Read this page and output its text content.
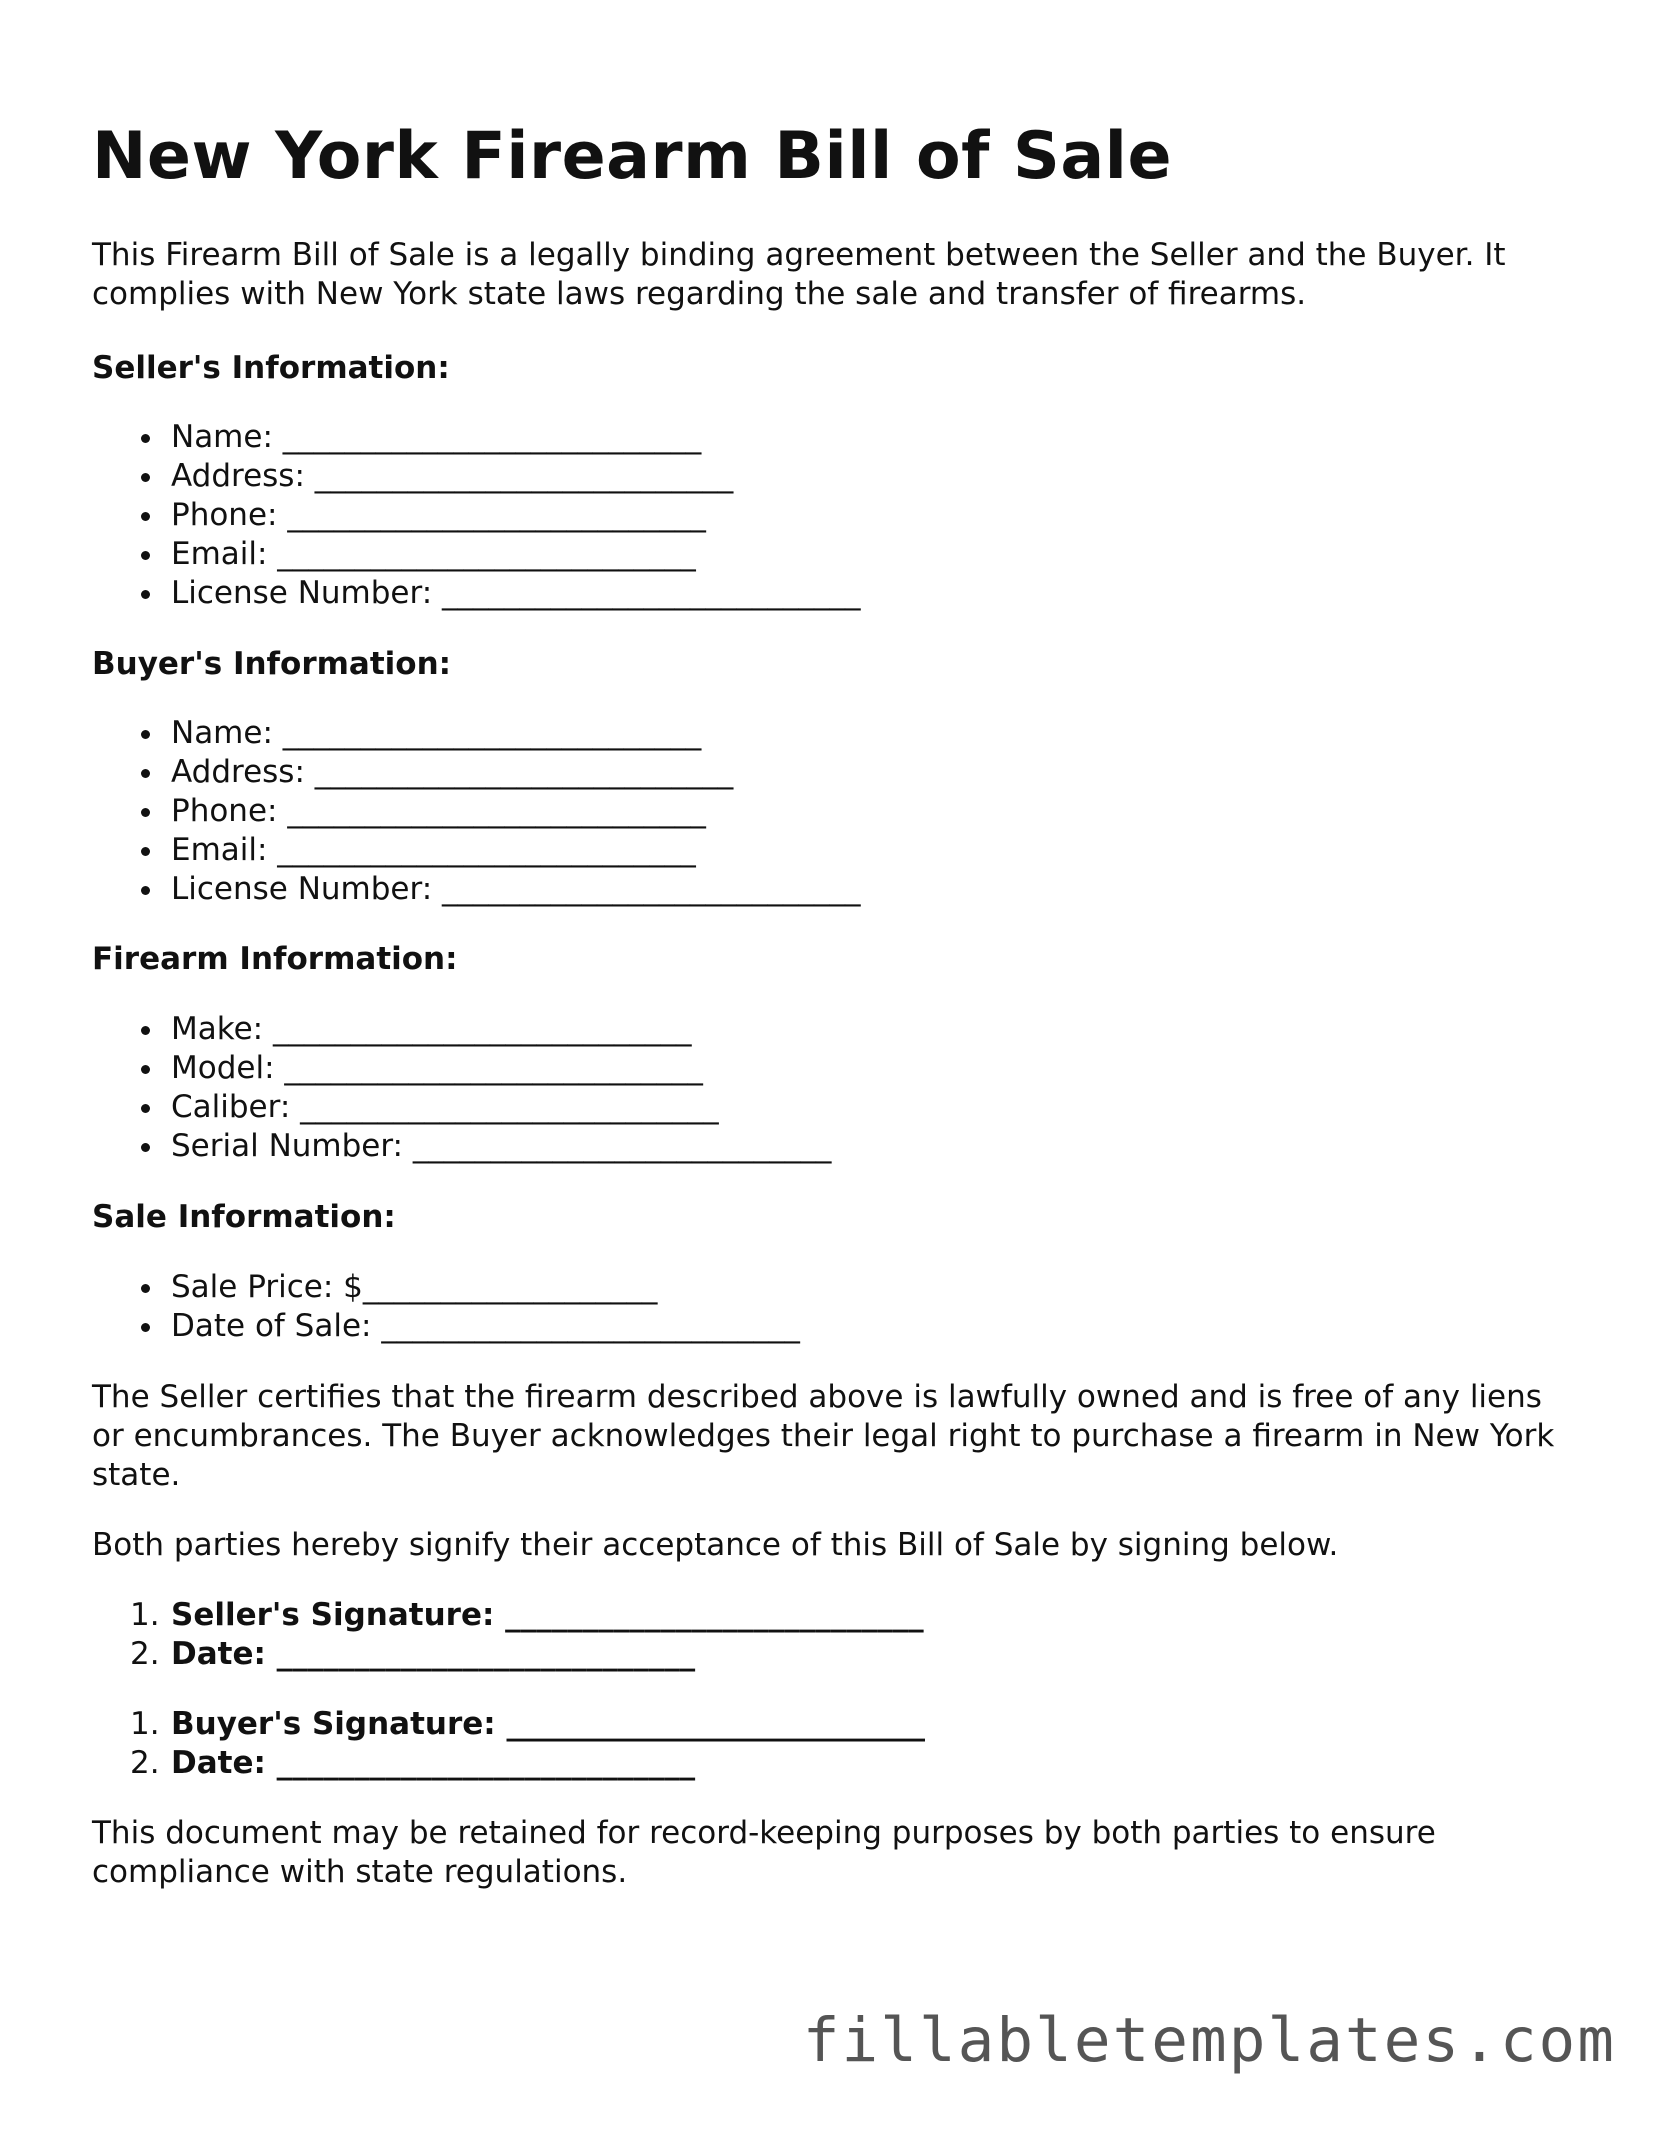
New York Firearm Bill of Sale

This Firearm Bill of Sale is a legally binding agreement between the Seller and the Buyer. It complies with New York state laws regarding the sale and transfer of firearms.

Seller's Information:

Name: ___________________________
Address: ___________________________
Phone: ___________________________
Email: ___________________________
License Number: ___________________________

Buyer's Information:

Name: ___________________________
Address: ___________________________
Phone: ___________________________
Email: ___________________________
License Number: ___________________________

Firearm Information:

Make: ___________________________
Model: ___________________________
Caliber: ___________________________
Serial Number: ___________________________

Sale Information:

Sale Price: $___________________
Date of Sale: ___________________________

The Seller certifies that the firearm described above is lawfully owned and is free of any liens or encumbrances. The Buyer acknowledges their legal right to purchase a firearm in New York state.

Both parties hereby signify their acceptance of this Bill of Sale by signing below.

1. Seller's Signature: ___________________________
2. Date: ___________________________
1. Buyer's Signature: ___________________________
2. Date: ___________________________

This document may be retained for record-keeping purposes by both parties to ensure compliance with state regulations.

fillabletemplates.com
